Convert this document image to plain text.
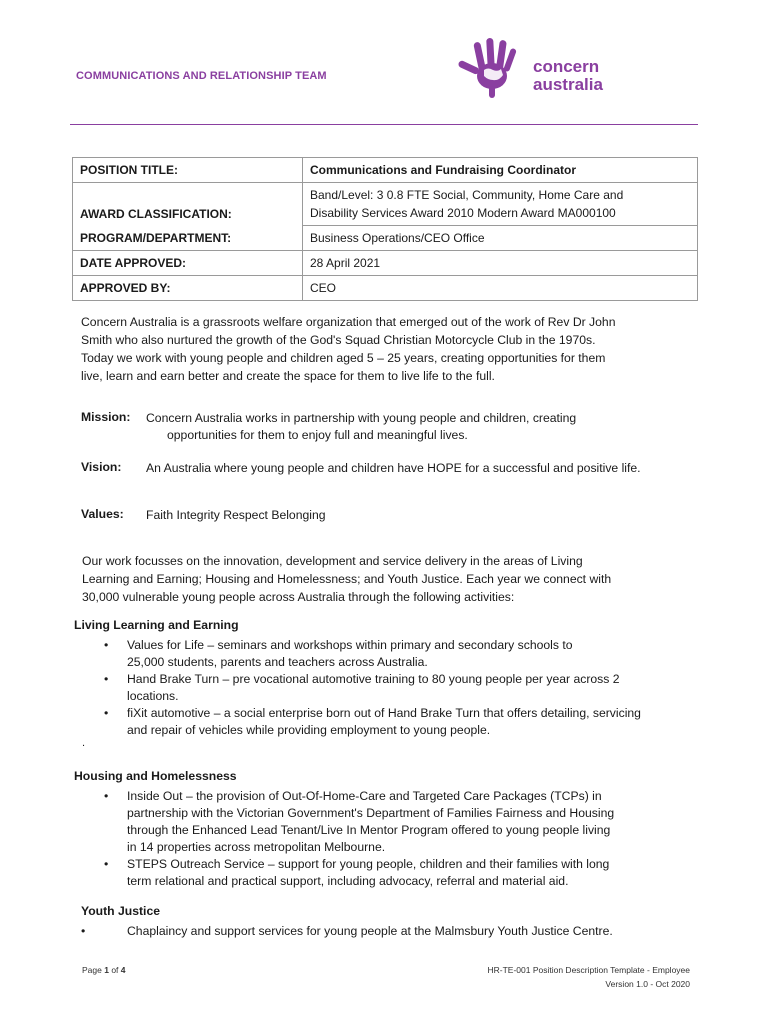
COMMUNICATIONS AND RELATIONSHIP TEAM	concern
australia
POSITION TITLE:	Communications and Fundraising Coordinator
AWARD CLASSIFICATION:	Band/Level: 3 0.8 FTE Social, Community, Home Care and
Disability Services Award 2010 Modern Award MA000100

PROGRAM/DEPARTMENT:	Business Operations/CEO Office
DATE APPROVED:	28 April 2021
APPROVED BY:	CEO
Concern Australia is a grassroots welfare organization that emerged out of the work of Rev Dr John
Smith who also nurtured the growth of the God's Squad Christian Motorcycle Club in the 1970s.
Today we work with young people and children aged 5 – 25 years, creating opportunities for them
live, learn and earn better and create the space for them to live life to the full.
Mission: Concern Australia works in partnership with young people and children, creating
opportunities for them to enjoy full and meaningful lives.
Vision: An Australia where young people and children have HOPE for a successful and positive life.
Values: Faith Integrity Respect Belonging
Our work focusses on the innovation, development and service delivery in the areas of Living
Learning and Earning; Housing and Homelessness; and Youth Justice. Each year we connect with
30,000 vulnerable young people across Australia through the following activities:
Living Learning and Earning
• Values for Life – seminars and workshops within primary and secondary schools to
25,000 students, parents and teachers across Australia.
• Hand Brake Turn – pre vocational automotive training to 80 young people per year across 2
locations.
• fiXit automotive – a social enterprise born out of Hand Brake Turn that offers detailing, servicing
and repair of vehicles while providing employment to young people.
.
Housing and Homelessness
• Inside Out – the provision of Out-Of-Home-Care and Targeted Care Packages (TCPs) in
partnership with the Victorian Government's Department of Families Fairness and Housing
through the Enhanced Lead Tenant/Live In Mentor Program offered to young people living
in 14 properties across metropolitan Melbourne.
• STEPS Outreach Service – support for young people, children and their families with long
term relational and practical support, including advocacy, referral and material aid.
Youth Justice
•	Chaplaincy and support services for young people at the Malmsbury Youth Justice Centre.
Page 1 of 4	HR-TE-001 Position Description Template - Employee
Version 1.0 - Oct 2020
